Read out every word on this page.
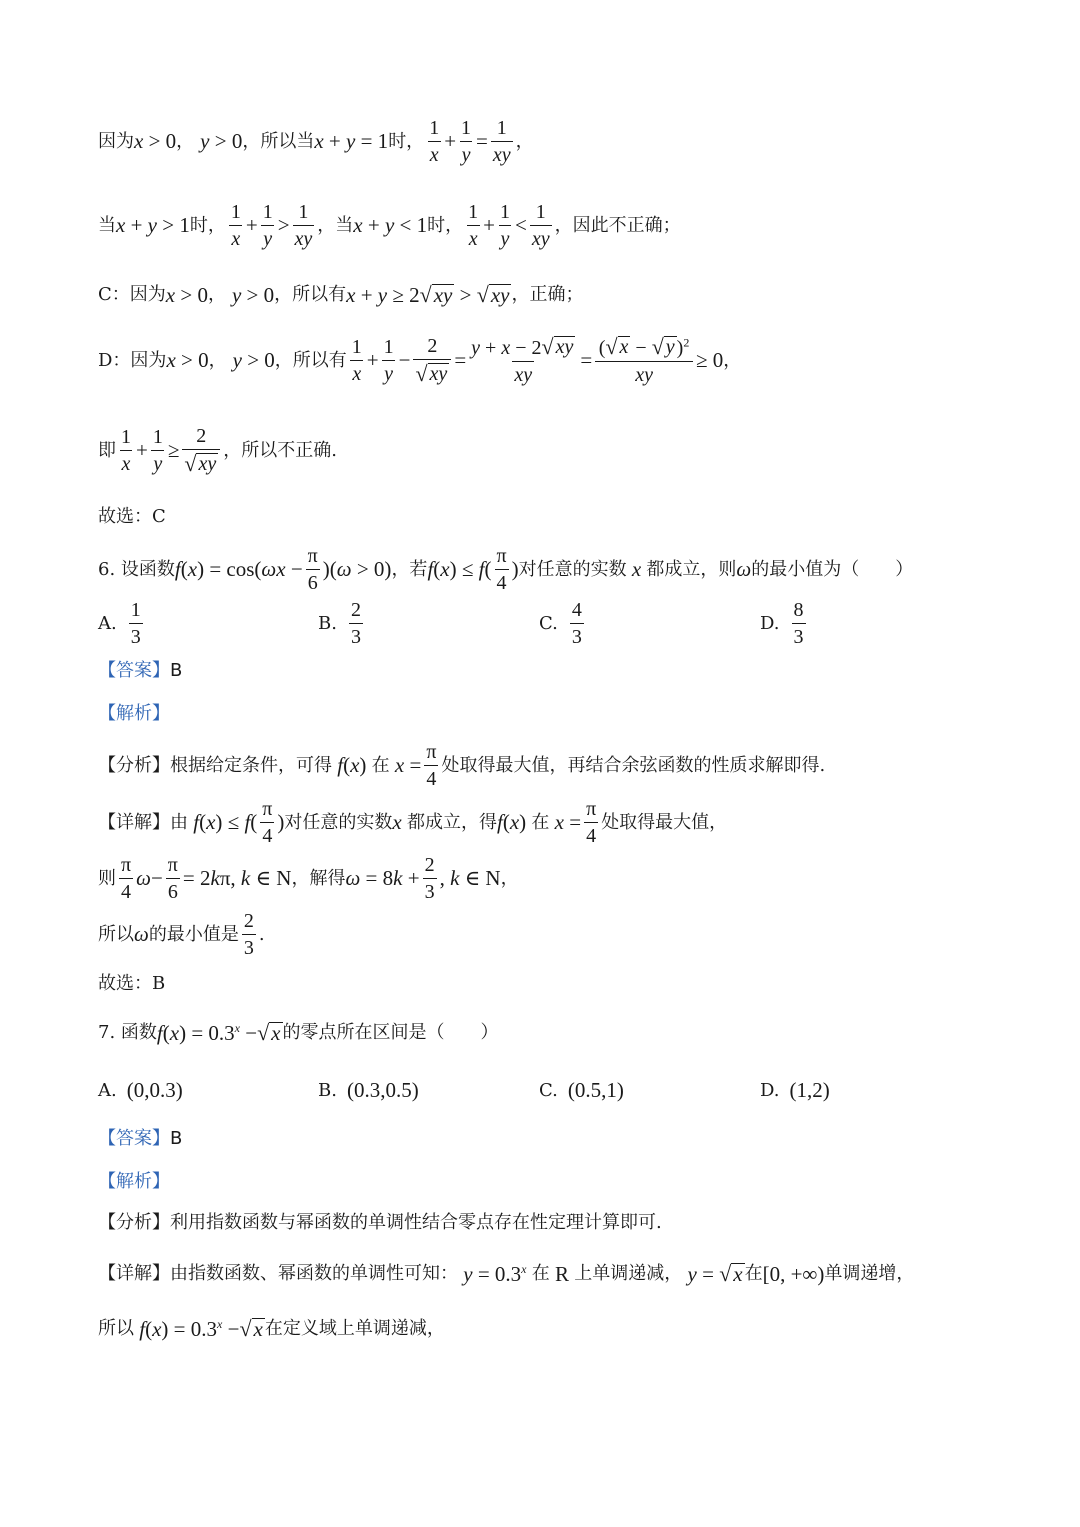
因为 x > 0 ， y > 0 ，所以当 x + y = 1 时， $\frac{1}{x} + \frac{1}{y} = \frac{1}{xy}$ ，
当 x + y > 1 时， $\frac{1}{x} + \frac{1}{y} > \frac{1}{xy}$ ，当 x + y < 1 时， $\frac{1}{x} + \frac{1}{y} < \frac{1}{xy}$ ，因此不正确；
C：因为 x > 0 ， y > 0 ，所以有 x + y ≥ 2 √ xy > √ xy ，正确；
D：因为 x > 0 ， y > 0 ，所以有 $\frac{1}{x} + \frac{1}{y} - \frac{2}{√ xy} = \frac{y + x - 2 √ xy}{xy} = \frac{( √ x - √ y )^2}{xy} \ge 0$ ，
即 $\frac{1}{x} + \frac{1}{y} \ge \frac{2}{√ xy}$ ，所以不正确.
故选：C
6. 设函数 $f(x) = \cos(\omega x - \frac{\pi}{6} )(\omega > 0)$ ，若 $f(x) \le f( \frac{\pi}{4}$ ) 对任意的实数 x 都成立，则 ω 的最小值为（　　）
A. $\frac{1}{3}$	B. $\frac{2}{3}$	C. $\frac{4}{3}$	D. $\frac{8}{3}$
【答案】 B
【解析】
【分析】 根据给定条件，可得 f(x) 在 $x = \frac{\pi}{4}$ 处取得最大值，再结合余弦函数的性质求解即得.
【详解】 由 $f(x) \le f( \frac{\pi}{4}$ ) 对任意的实数 x 都成立，得 f(x) 在 $x = \frac{\pi}{4}$ 处取得最大值，
则 $\frac{\pi}{4}$ $\omega - \frac{\pi}{6} = 2k\pi$, k ∈ N ，解得 $\omega = 8k + \frac{2}{3}$ , k ∈ N ，
所以 ω 的最小值是 $\frac{2}{3}$ .
故选：B
7. 函数 $f(x) = 0.3^x$ − √ x 的零点所在区间是（　　）
A. (0,0.3)	B. (0.3,0.5)	C. (0.5,1)	D. (1,2)
【答案】 B
【解析】
【分析】 利用指数函数与幂函数的单调性结合零点存在性定理计算即可.
【详解】 由指数函数、幂函数的单调性可知： $y = 0.3^x$ 在 R 上单调递减， y = √ x 在 [0, +∞) 单调递增，
所以 $f(x) = 0.3^x$ − √ x 在定义域上单调递减，
